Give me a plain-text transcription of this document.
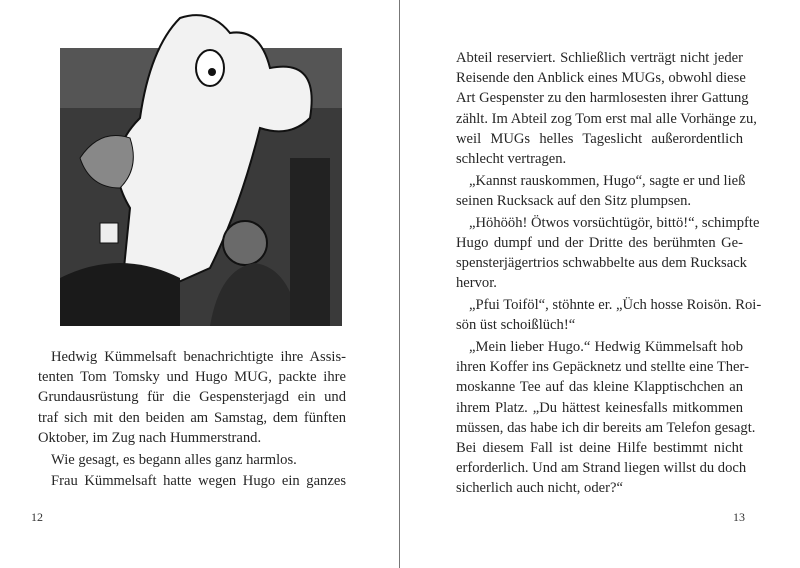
Hedwig Kümmelsaft benachrichtigte ihre Assis-
tenten Tom Tomsky und Hugo MUG, packte ihre
Grundausrüstung für die Gespensterjagd ein und
traf sich mit den beiden am Samstag, dem fünften
Oktober, im Zug nach Hummerstrand.
Wie gesagt, es begann alles ganz harmlos.
Frau Kümmelsaft hatte wegen Hugo ein ganzes
12
Abteil reserviert. Schließlich verträgt nicht jeder
Reisende den Anblick eines MUGs, obwohl diese
Art Gespenster zu den harmlosesten ihrer Gattung
zählt. Im Abteil zog Tom erst mal alle Vorhänge zu,
weil MUGs helles Tageslicht außerordentlich
schlecht vertragen.
„Kannst rauskommen, Hugo“, sagte er und ließ
seinen Rucksack auf den Sitz plumpsen.
„Höhööh! Ötwos vorsüchtügör, bittö!“, schimpfte
Hugo dumpf und der Dritte des berühmten Ge-
spensterjägertrios schwabbelte aus dem Rucksack
hervor.
„Pfui Toiföl“, stöhnte er. „Üch hosse Roisön. Roi-
sön üst schoißlüch!“
„Mein lieber Hugo.“ Hedwig Kümmelsaft hob
ihren Koffer ins Gepäcknetz und stellte eine Ther-
moskanne Tee auf das kleine Klapptischchen an
ihrem Platz. „Du hättest keinesfalls mitkommen
müssen, das habe ich dir bereits am Telefon gesagt.
Bei diesem Fall ist deine Hilfe bestimmt nicht
erforderlich. Und am Strand liegen willst du doch
sicherlich auch nicht, oder?“
13
